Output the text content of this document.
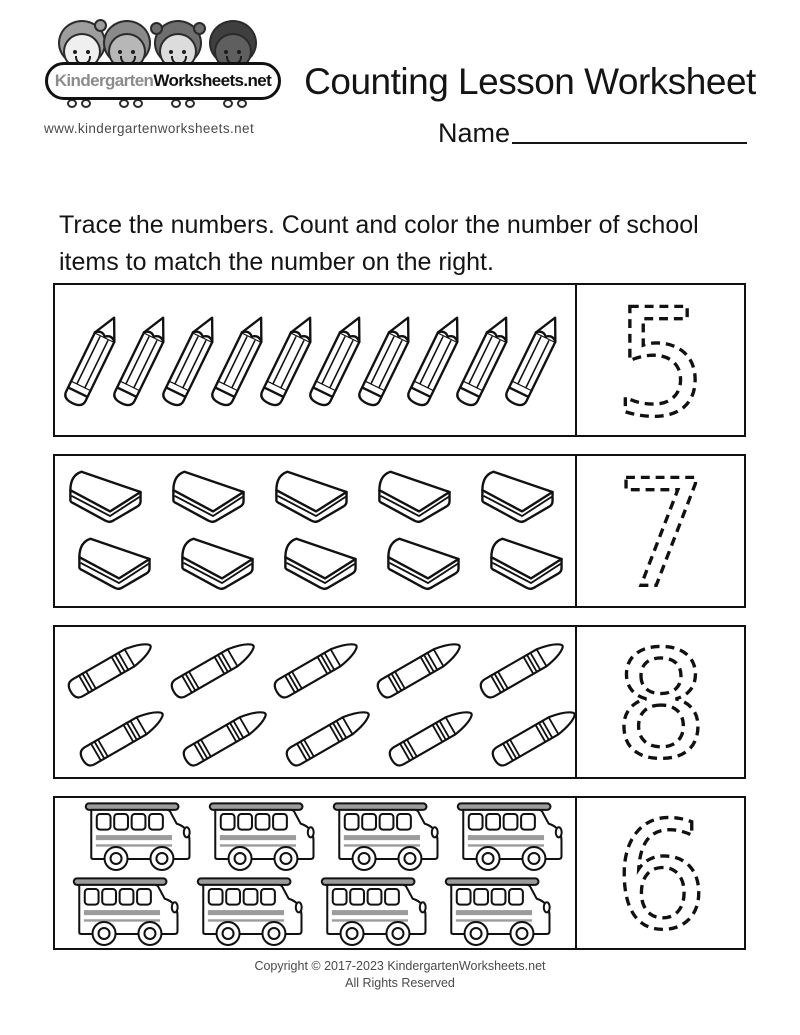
Kindergarten Worksheets.net
www.kindergartenworksheets.net
Counting Lesson Worksheet
Name

Trace the numbers. Count and color the number of school items to match the number on the right.

5
7
8
6
Copyright © 2017-2023 KindergartenWorksheets.net
All Rights Reserved
